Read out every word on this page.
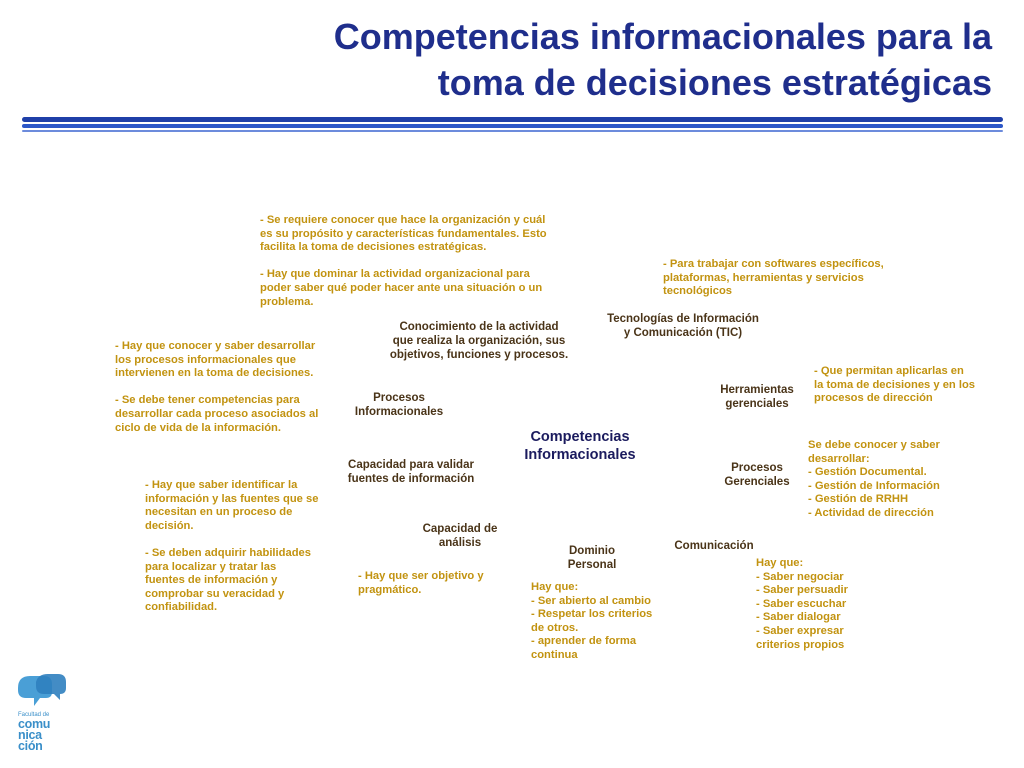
Competencias informacionales para la
toma de decisiones estratégicas
Competencias
Informacionales
Conocimiento de la actividad
que realiza la organización, sus
objetivos, funciones y procesos.
Tecnologías de Información
y Comunicación (TIC)
Procesos
Informacionales
Herramientas
gerenciales
Capacidad para validar
fuentes de información
Procesos
Gerenciales
Capacidad de
análisis
Dominio
Personal
Comunicación
- Se requiere conocer que hace la organización y cuál
es su propósito y características fundamentales. Esto
facilita la toma de decisiones estratégicas.

- Hay que dominar la actividad organizacional para
poder saber qué poder hacer ante una situación o un
problema.
- Para trabajar con softwares específicos,
plataformas, herramientas y servicios
tecnológicos
- Hay que conocer y saber desarrollar
los procesos informacionales que
intervienen en la toma de decisiones.

- Se debe tener competencias para
desarrollar cada proceso asociados al
ciclo de vida de la información.
- Que permitan aplicarlas en
la toma de decisiones y en los
procesos de dirección
Se debe conocer y saber
desarrollar:
- Gestión Documental.
- Gestión de Información
- Gestión de RRHH
- Actividad de dirección
- Hay que saber identificar la
información y las fuentes que se
necesitan en un proceso de
decisión.

- Se deben adquirir habilidades
para localizar y tratar las
fuentes de información y
comprobar su veracidad y
confiabilidad.
- Hay que ser objetivo y
pragmático.	Hay que:
- Ser abierto al cambio
- Respetar los criterios
de otros.
- aprender de forma
continua
Hay que:
- Saber negociar
- Saber persuadir
- Saber escuchar
- Saber dialogar
- Saber expresar
criterios propios
Facultad de
comu
nica
ción
